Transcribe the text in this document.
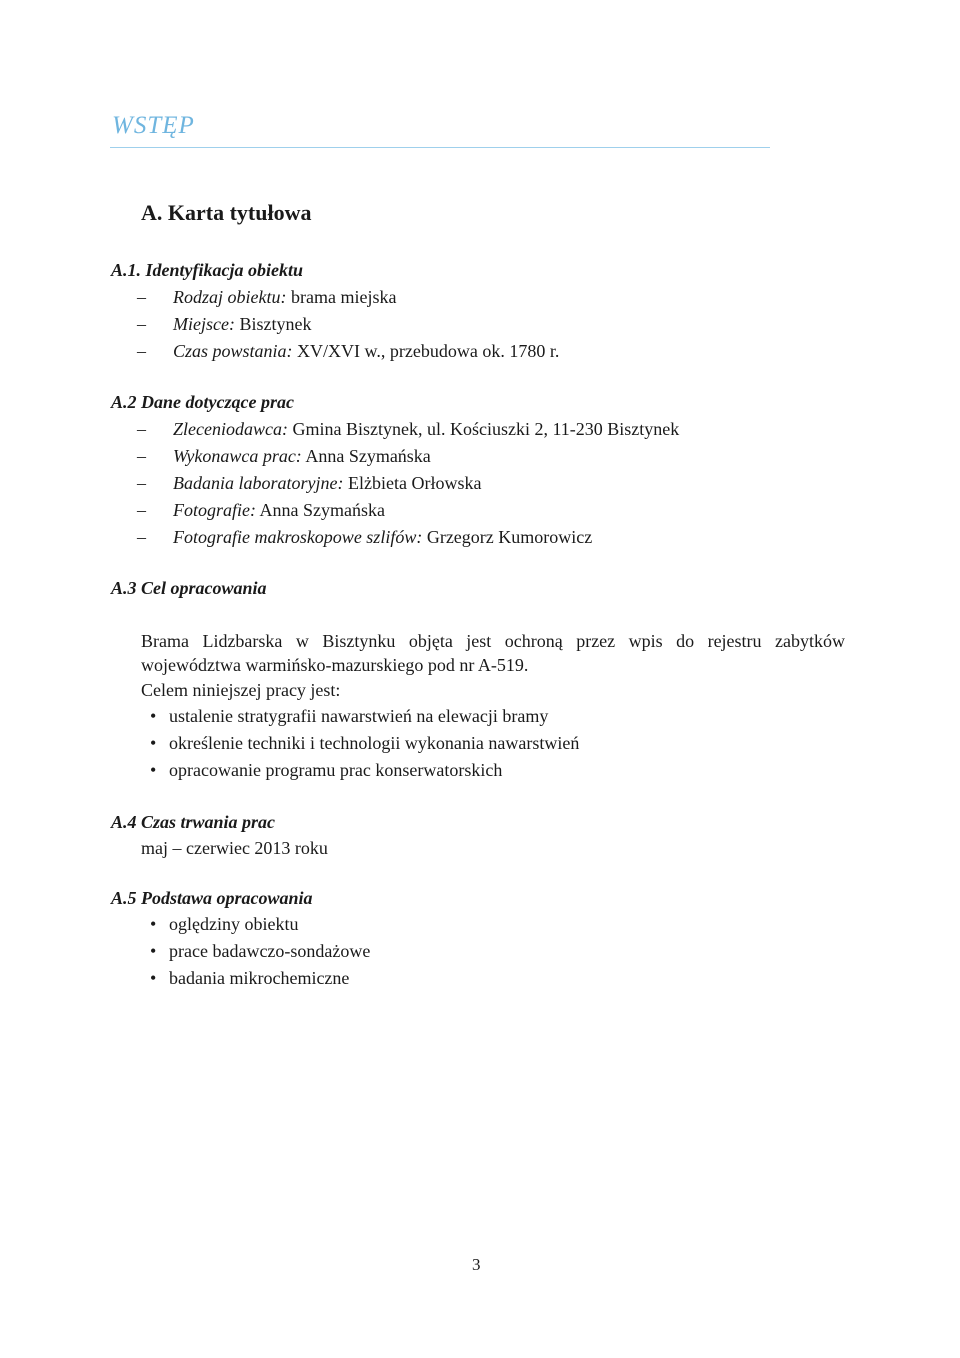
WSTĘP
A. Karta tytułowa
A.1. Identyfikacja obiektu
– Rodzaj obiektu: brama miejska
– Miejsce: Bisztynek
– Czas powstania: XV/XVI w., przebudowa ok. 1780 r.
A.2 Dane dotyczące prac
– Zleceniodawca: Gmina Bisztynek, ul. Kościuszki 2, 11-230 Bisztynek
– Wykonawca prac: Anna Szymańska
– Badania laboratoryjne: Elżbieta Orłowska
– Fotografie: Anna Szymańska
– Fotografie makroskopowe szlifów: Grzegorz Kumorowicz
A.3 Cel opracowania
Brama Lidzbarska w Bisztynku objęta jest ochroną przez wpis do rejestru zabytków
województwa warmińsko-mazurskiego pod nr A-519.
Celem niniejszej pracy jest:
• ustalenie stratygrafii nawarstwień na elewacji bramy
• określenie techniki i technologii wykonania nawarstwień
• opracowanie programu prac konserwatorskich
A.4 Czas trwania prac
maj – czerwiec 2013 roku
A.5 Podstawa opracowania
• oględziny obiektu
• prace badawczo-sondażowe
• badania mikrochemiczne
3
